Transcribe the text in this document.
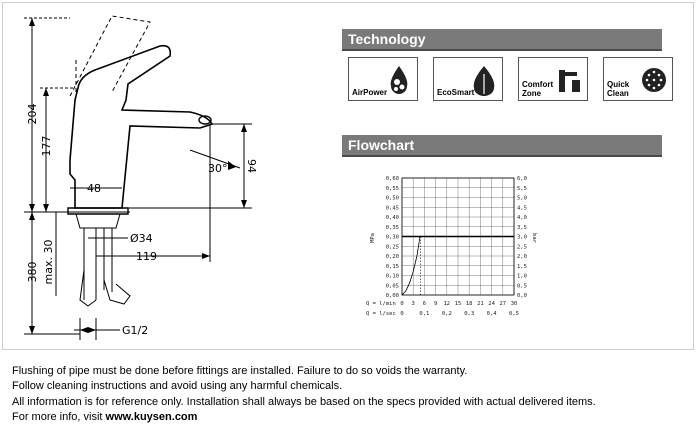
204
177
48
30° 94
Ø34
119
380 max. 30
G1/2
Technology
AirPower	EcoSmart
Comfort
Zone
Quick
Clean
Flowchart
0,60
0,55
0,50
0,45
0,40
0,35
0,30
0,25
0,20
0,15
0,10
0,05
0,00
6,0
5,5
5,0
4,5
4,0
3,5
3,0
2,5
2,0
1,5
1,0
0,5
0,0
0 3 6 9 12 15 18 21 24 27 30
0	0,1 0,2 0,3 0,4 0,5
MPa	bar
Q = l/min
Q = l/sec
Flushing of pipe must be done before fittings are installed. Failure to do so voids the warranty.
Follow cleaning instructions and avoid using any harmful chemicals.
All information is for reference only. Installation shall always be based on the specs provided with actual delivered items.
For more info, visit www.kuysen.com
